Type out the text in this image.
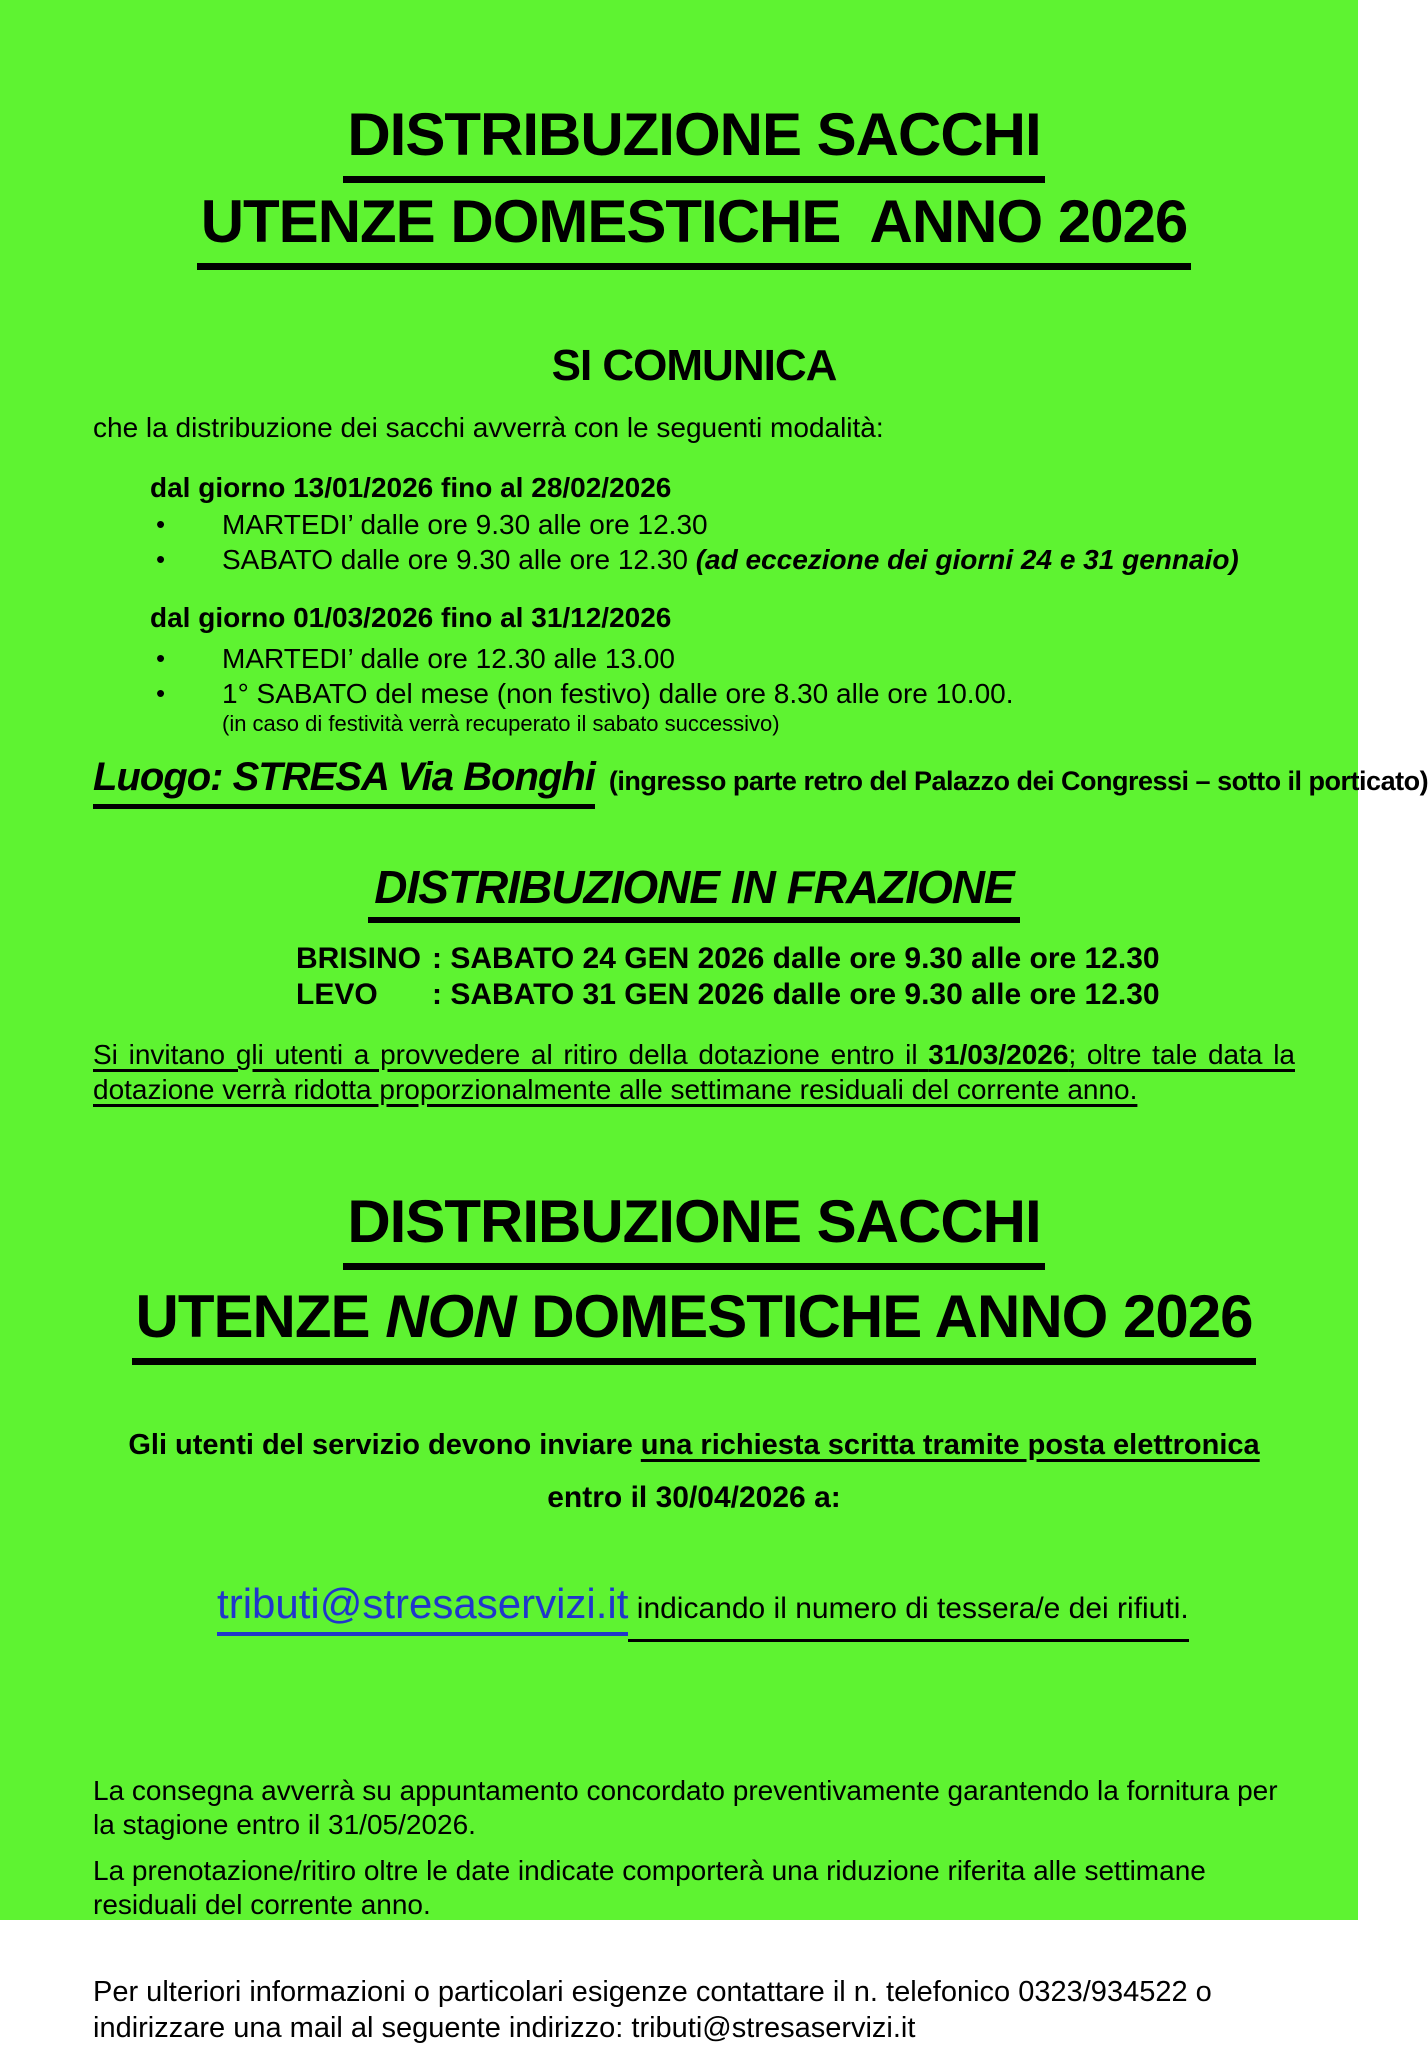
DISTRIBUZIONE SACCHI
UTENZE DOMESTICHE  ANNO 2026
SI COMUNICA

che la distribuzione dei sacchi avverrà con le seguenti modalità:

dal giorno 13/01/2026 fino al 28/02/2026

•	MARTEDI’ dalle ore 9.30 alle ore 12.30
•	SABATO dalle ore 9.30 alle ore 12.30 (ad eccezione dei giorni 24 e 31 gennaio)

dal giorno 01/03/2026 fino al 31/12/2026

•	MARTEDI’ dalle ore 12.30 alle 13.00
•	1° SABATO del mese (non festivo) dalle ore 8.30 alle ore 10.00.
(in caso di festività verrà recuperato il sabato successivo)
Luogo: STRESA Via Bonghi (ingresso parte retro del Palazzo dei Congressi – sotto il porticato)
DISTRIBUZIONE IN FRAZIONE
BRISINO : SABATO 24 GEN 2026 dalle ore 9.30 alle ore 12.30
LEVO : SABATO 31 GEN 2026 dalle ore 9.30 alle ore 12.30

Si invitano gli utenti a provvedere al ritiro della dotazione entro il 31/03/2026; oltre tale data la dotazione verrà ridotta proporzionalmente alle settimane residuali del corrente anno.

DISTRIBUZIONE SACCHI
UTENZE NON DOMESTICHE ANNO 2026

Gli utenti del servizio devono inviare una richiesta scritta tramite posta elettronica

entro il 30/04/2026 a:

tributi@stresaservizi.it indicando il numero di tessera/e dei rifiuti.

La consegna avverrà su appuntamento concordato preventivamente garantendo la fornitura per la stagione entro il 31/05/2026.

La prenotazione/ritiro oltre le date indicate comporterà una riduzione riferita alle settimane residuali del corrente anno.

Per ulteriori informazioni o particolari esigenze contattare il n. telefonico 0323/934522 o indirizzare una mail al seguente indirizzo: tributi@stresaservizi.it
